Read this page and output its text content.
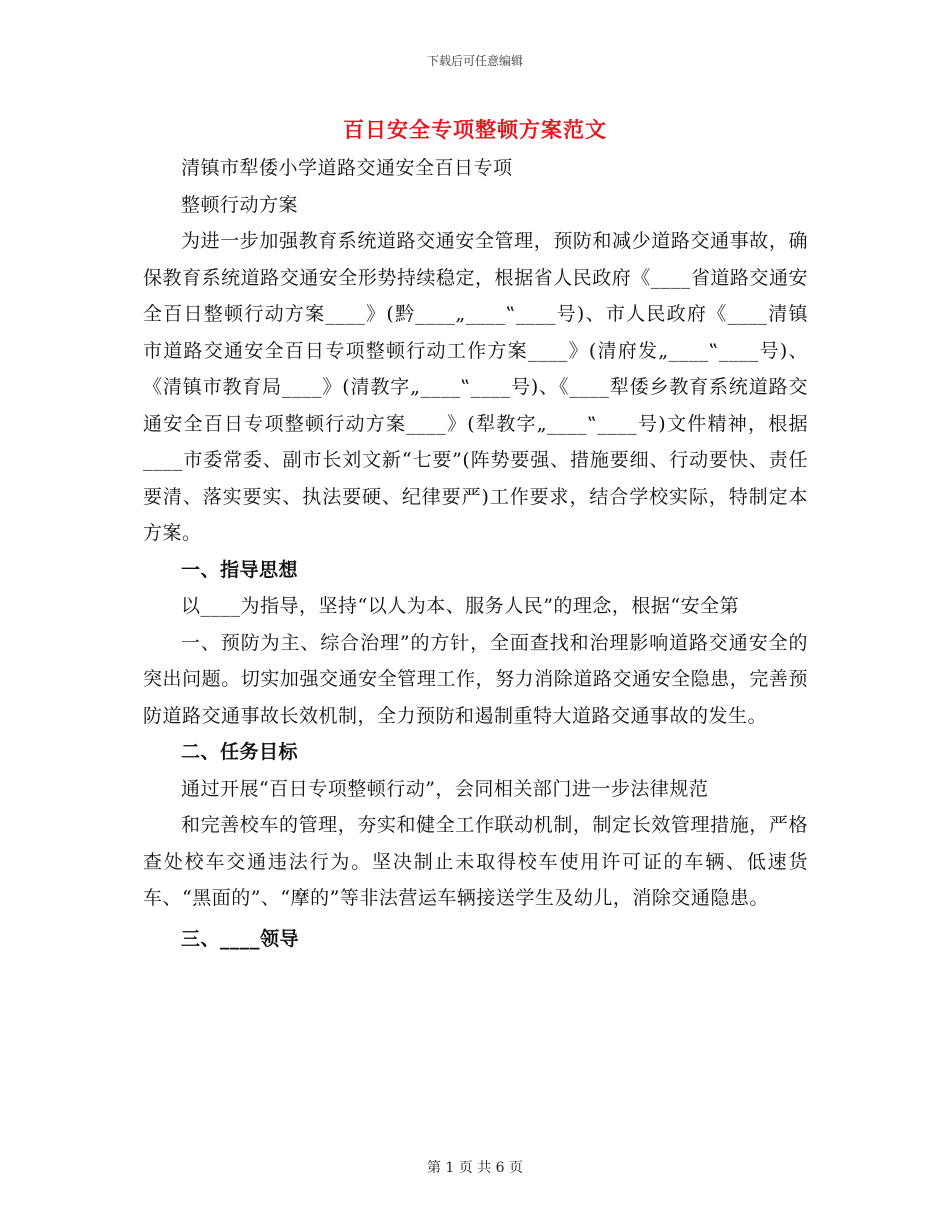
下载后可任意编辑
百日安全专项整顿方案范文

清镇市犁倭小学道路交通安全百日专项

整顿行动方案

为进一步加强教育系统道路交通安全管理，预防和减少道路交通事故，确保教育系统道路交通安全形势持续稳定，根据省人民政府《____省道路交通安全百日整顿行动方案____》(黔____„____‟____号)、市人民政府《____清镇市道路交通安全百日专项整顿行动工作方案____》(清府发„____‟____号)、《清镇市教育局____》(清教字„____‟____号)、《____犁倭乡教育系统道路交通安全百日专项整顿行动方案____》(犁教字„____‟____号)文件精神，根据____市委常委、副市长刘文新“七要”(阵势要强、措施要细、行动要快、责任要清、落实要实、执法要硬、纪律要严)工作要求，结合学校实际，特制定本方案。

一、指导思想

以____为指导，坚持“以人为本、服务人民”的理念，根据“安全第

一、预防为主、综合治理”的方针，全面查找和治理影响道路交通安全的突出问题。切实加强交通安全管理工作，努力消除道路交通安全隐患，完善预防道路交通事故长效机制，全力预防和遏制重特大道路交通事故的发生。

二、任务目标

通过开展“百日专项整顿行动”，会同相关部门进一步法律规范

和完善校车的管理，夯实和健全工作联动机制，制定长效管理措施，严格查处校车交通违法行为。坚决制止未取得校车使用许可证的车辆、低速货车、“黑面的”、“摩的”等非法营运车辆接送学生及幼儿，消除交通隐患。

三、____领导

第 1 页 共 6 页
